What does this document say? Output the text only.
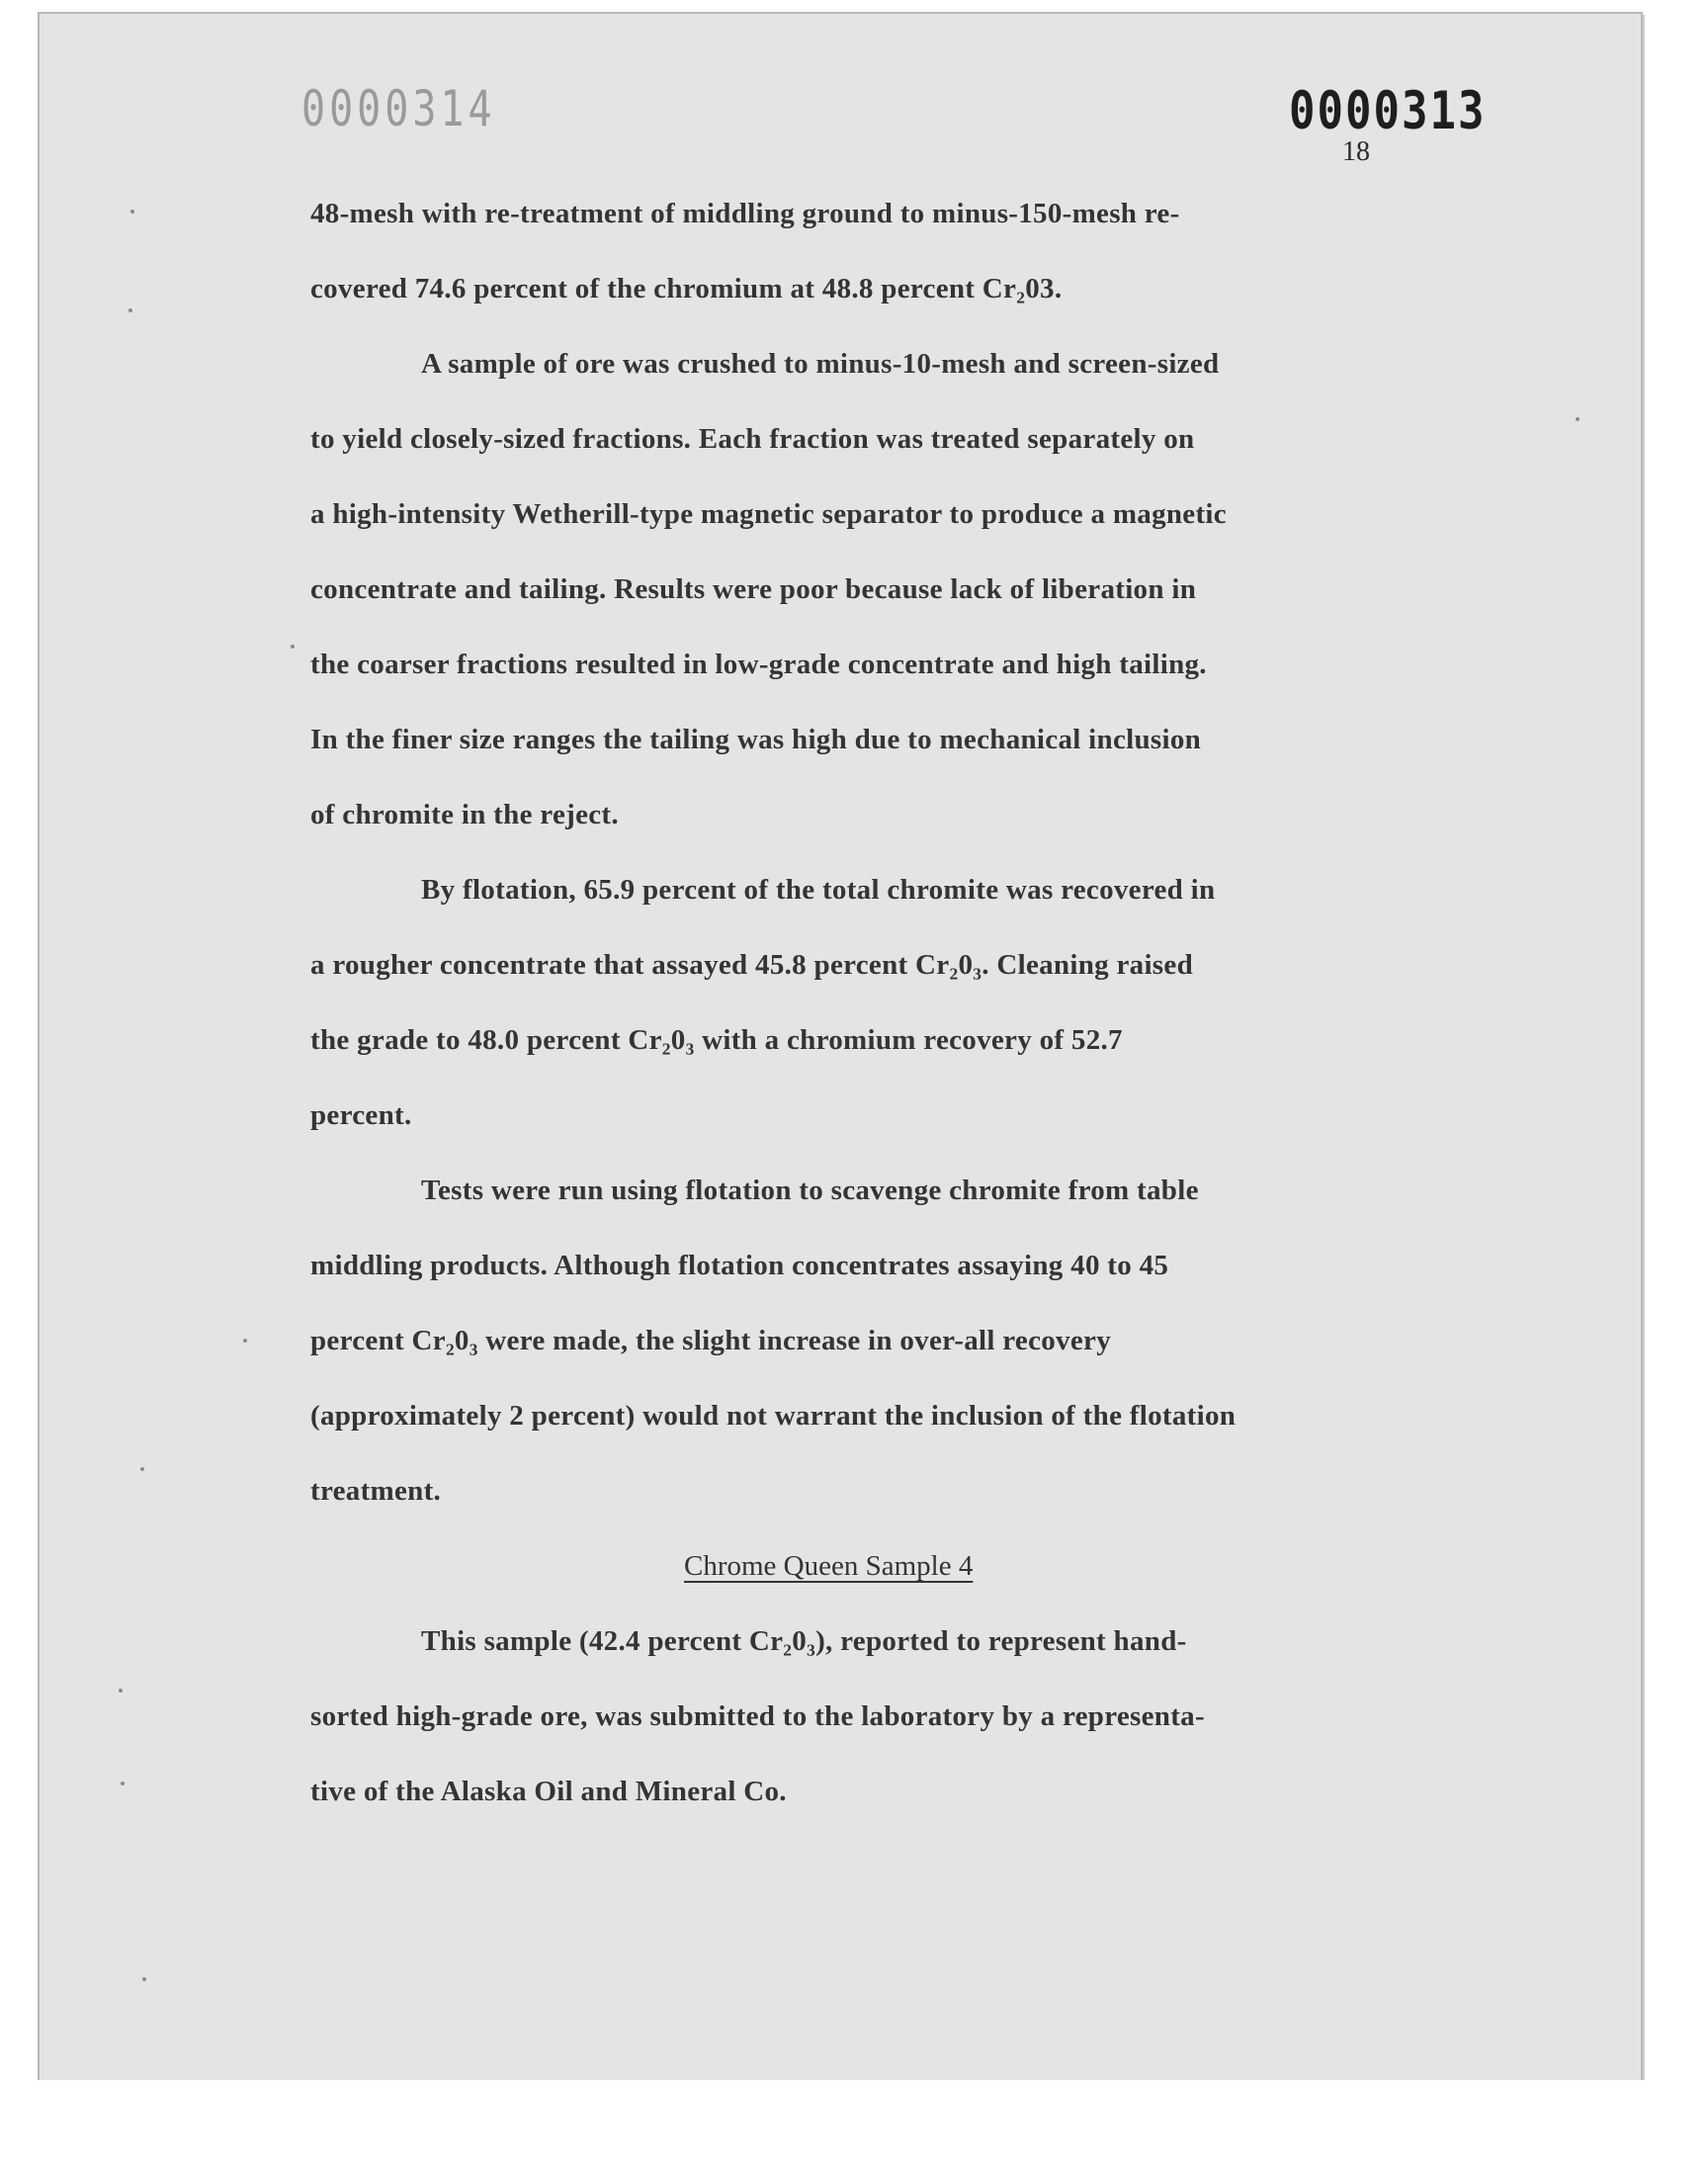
0000314	0000313
18
48-mesh with re-treatment of middling ground to minus-150-mesh re-
covered 74.6 percent of the chromium at 48.8 percent Cr₂03.
A sample of ore was crushed to minus-10-mesh and screen-sized
to yield closely-sized fractions. Each fraction was treated separately on
a high-intensity Wetherill-type magnetic separator to produce a magnetic
concentrate and tailing. Results were poor because lack of liberation in
the coarser fractions resulted in low-grade concentrate and high tailing.
In the finer size ranges the tailing was high due to mechanical inclusion
of chromite in the reject.
By flotation, 65.9 percent of the total chromite was recovered in
a rougher concentrate that assayed 45.8 percent Cr₂0₃. Cleaning raised
the grade to 48.0 percent Cr₂0₃ with a chromium recovery of 52.7
percent.
Tests were run using flotation to scavenge chromite from table
middling products. Although flotation concentrates assaying 40 to 45
percent Cr₂0₃ were made, the slight increase in over-all recovery
(approximately 2 percent) would not warrant the inclusion of the flotation
treatment.
Chrome Queen Sample 4
This sample (42.4 percent Cr₂0₃), reported to represent hand-
sorted high-grade ore, was submitted to the laboratory by a representa-
tive of the Alaska Oil and Mineral Co.
